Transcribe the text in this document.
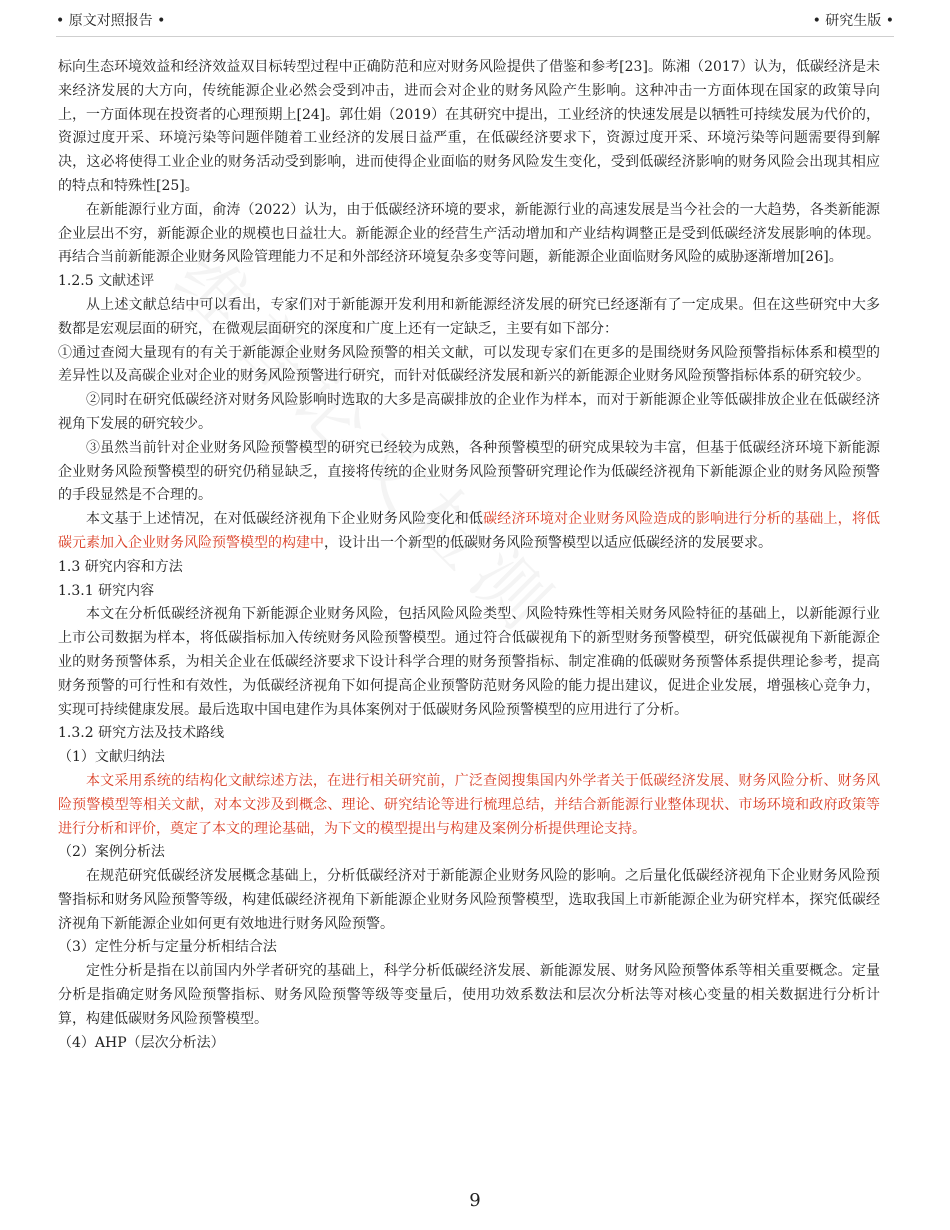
• 原文对照报告 •	• 研究生版 •

标向生态环境效益和经济效益双目标转型过程中正确防范和应对财务风险提供了借鉴和参考[23]。陈湘（2017）认为，低碳经济是未来经济发展的大方向，传统能源企业必然会受到冲击，进而会对企业的财务风险产生影响。这种冲击一方面体现在国家的政策导向上，一方面体现在投资者的心理预期上[24]。郭仕娟（2019）在其研究中提出，工业经济的快速发展是以牺牲可持续发展为代价的，资源过度开采、环境污染等问题伴随着工业经济的发展日益严重，在低碳经济要求下，资源过度开采、环境污染等问题需要得到解决，这必将使得工业企业的财务活动受到影响，进而使得企业面临的财务风险发生变化，受到低碳经济影响的财务风险会出现其相应的特点和特殊性[25]。

在新能源行业方面，俞涛（2022）认为，由于低碳经济环境的要求，新能源行业的高速发展是当今社会的一大趋势，各类新能源企业层出不穷，新能源企业的规模也日益壮大。新能源企业的经营生产活动增加和产业结构调整正是受到低碳经济发展影响的体现。再结合当前新能源企业财务风险管理能力不足和外部经济环境复杂多变等问题，新能源企业面临财务风险的威胁逐渐增加[26]。

1.2.5 文献述评

从上述文献总结中可以看出，专家们对于新能源开发利用和新能源经济发展的研究已经逐渐有了一定成果。但在这些研究中大多数都是宏观层面的研究，在微观层面研究的深度和广度上还有一定缺乏，主要有如下部分：

①通过查阅大量现有的有关于新能源企业财务风险预警的相关文献，可以发现专家们在更多的是围绕财务风险预警指标体系和模型的差异性以及高碳企业对企业的财务风险预警进行研究，而针对低碳经济发展和新兴的新能源企业财务风险预警指标体系的研究较少。

②同时在研究低碳经济对财务风险影响时选取的大多是高碳排放的企业作为样本，而对于新能源企业等低碳排放企业在低碳经济视角下发展的研究较少。

③虽然当前针对企业财务风险预警模型的研究已经较为成熟，各种预警模型的研究成果较为丰富，但基于低碳经济环境下新能源企业财务风险预警模型的研究仍稍显缺乏，直接将传统的企业财务风险预警研究理论作为低碳经济视角下新能源企业的财务风险预警的手段显然是不合理的。

本文基于上述情况，在对低碳经济视角下企业财务风险变化和低碳经济环境对企业财务风险造成的影响进行分析的基础上，将低碳元素加入企业财务风险预警模型的构建中，设计出一个新型的低碳财务风险预警模型以适应低碳经济的发展要求。

1.3 研究内容和方法

1.3.1 研究内容

本文在分析低碳经济视角下新能源企业财务风险，包括风险风险类型、风险特殊性等相关财务风险特征的基础上，以新能源行业上市公司数据为样本，将低碳指标加入传统财务风险预警模型。通过符合低碳视角下的新型财务预警模型，研究低碳视角下新能源企业的财务预警体系，为相关企业在低碳经济要求下设计科学合理的财务预警指标、制定准确的低碳财务预警体系提供理论参考，提高财务预警的可行性和有效性，为低碳经济视角下如何提高企业预警防范财务风险的能力提出建议，促进企业发展，增强核心竞争力，实现可持续健康发展。最后选取中国电建作为具体案例对于低碳财务风险预警模型的应用进行了分析。

1.3.2 研究方法及技术路线

（1）文献归纳法

本文采用系统的结构化文献综述方法，在进行相关研究前，广泛查阅搜集国内外学者关于低碳经济发展、财务风险分析、财务风险预警模型等相关文献，对本文涉及到概念、理论、研究结论等进行梳理总结，并结合新能源行业整体现状、市场环境和政府政策等进行分析和评价，奠定了本文的理论基础，为下文的模型提出与构建及案例分析提供理论支持。

（2）案例分析法

在规范研究低碳经济发展概念基础上，分析低碳经济对于新能源企业财务风险的影响。之后量化低碳经济视角下企业财务风险预警指标和财务风险预警等级，构建低碳经济视角下新能源企业财务风险预警模型，选取我国上市新能源企业为研究样本，探究低碳经济视角下新能源企业如何更有效地进行财务风险预警。

（3）定性分析与定量分析相结合法

定性分析是指在以前国内外学者研究的基础上，科学分析低碳经济发展、新能源发展、财务风险预警体系等相关重要概念。定量分析是指确定财务风险预警指标、财务风险预警等级等变量后，使用功效系数法和层次分析法等对核心变量的相关数据进行分析计算，构建低碳财务风险预警模型。

（4）AHP（层次分析法）

9
